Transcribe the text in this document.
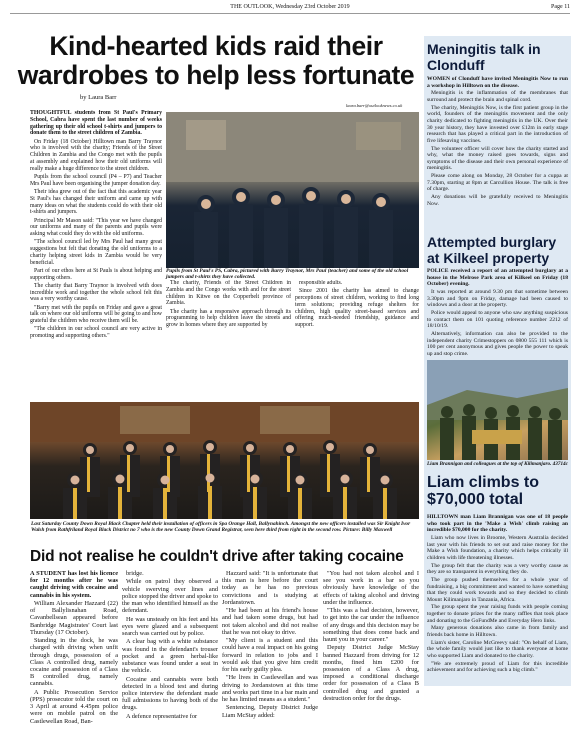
THE OUTLOOK, Wednesday 23rd October 2019	Page 11
Kind-hearted kids raid their wardrobes to help less fortunate
by Laura Barr
laura.barr@outlooknews.co.uk

THOUGHTFUL students from St Paul's Primary School, Cabra have spent the last number of weeks gathering up their old school t-shirts and jumpers to donate them to the street children of Zambia.

On Friday (18 October) Hilltown man Barry Traynor who is involved with the charity; Friends of the Street Children in Zambia and the Congo met with the pupils at assembly and explained how their old uniforms will really make a huge difference to the street children.

Pupils from the school council (P4 – P7) and Teacher Mrs Paul have been organising the jumper donation day.

Their idea grew out of the fact that this academic year St Paul's has changed their uniform and came up with many ideas on what the students could do with their old t-shirts and jumpers.

Principal Mr Mason said: "This year we have changed our uniforms and many of the parents and pupils were asking what could they do with the old uniforms.

"The school council led by Mrs Paul had many great suggestions but felt that donating the old uniforms to a charity helping street kids in Zambia would be very beneficial.

Part of our ethos here at St Pauls is about helping and supporting others.

The charity that Barry Traynor is involved with does incredible work and together the whole school felt this was a very worthy cause.

"Barry met with the pupils on Friday and gave a great talk on where our old uniforms will be going to and how grateful the children who receive them will be.

"The children in our school council are very active in promoting and supporting others."

Pupils from St Paul's PS, Cabra, pictured with Barry Traynor, Mrs Paul (teacher) and some of the old school jumpers and t-shirts they have collected.

The charity, Friends of the Street Children in Zambia and the Congo works with and for the street children in Kitwe on the Copperbelt province of Zambia.

The charity has a responsive approach through its programming to help children leave the streets and grow in homes where they are supported by

responsible adults.

Since 2001 the charity has aimed to change perceptions of street children, working to find long term solutions; providing refuge shelters for children, high quality street-based services and offering much-needed friendship, guidance and support.

Last Saturday County Down Royal Black Chapter held their installation of officers in Spa Orange Hall, Ballynahinch. Amongst the new officers installed was Sir Knight Ivor Walsh from Rathfriland Royal Black District no 7 who is the new County Down Grand Registrar, seen here third from right in the second row. Picture: Billy Maxwell
Did not realise he couldn't drive after taking cocaine

A STUDENT has lost his licence for 12 months after he was caught driving with cocaine and cannabis in his system.

William Alexander Hazzard (22) of Ballylisnahan Road, Cavanbellsean appeared before Banbridge Magistrates' Court last Thursday (17 October).

Standing in the dock, he was charged with driving when unfit through drugs, possession of a Class A controlled drug, namely cocaine and possession of a Class B controlled drug, namely cannabis.

A Public Prosecution Service (PPS) prosecutor told the court on 3 April at around 4.45pm police were on mobile patrol on the Castlewellan Road, Ban-

bridge.

While on patrol they observed a vehicle swerving over lines and police stopped the driver and spoke to the man who identified himself as the defendant.

He was unsteady on his feet and his eyes were glazed and a subsequent search was carried out by police.

A clear bag with a white substance was found in the defendant's trouser pocket and a green herbal-like substance was found under a seat in the vehicle.

Cocaine and cannabis were both detected in a blood test and during police interview the defendant made full admissions to having both of the drugs.

A defence representative for

Hazzard said: "It is unfortunate that this man is here before the court today as he has no previous convictions and is studying at Jordanstown.

"He had been at his friend's house and had taken some drugs, but had not taken alcohol and did not realise that he was not okay to drive.

"My client is a student and this could have a real impact on his going forward in relation to jobs and I would ask that you give him credit for his early guilty plea.

"He lives in Castlewellan and was driving to Jordanstown at this time and works part time in a bar main and he has limited means as a student."

Sentencing, Deputy District Judge Liam McStay added:

"You had not taken alcohol and I see you work in a bar so you obviously have knowledge of the effects of taking alcohol and driving under the influence.

"This was a bad decision, however, to get into the car under the influence of any drugs and this decision may be something that does come back and haunt you in your career."

Deputy District Judge McStay banned Hazzard from driving for 12 months, fined him £200 for possession of a Class A drug, imposed a conditional discharge order for possession of a Class B controlled drug and granted a destruction order for the drugs.

Meningitis talk in Clonduff

WOMEN of Clonduff have invited Meningitis Now to run a workshop in Hilltown on the disease.

Meningitis is the inflammation of the membranes that surround and protect the brain and spinal cord.

The charity, Meningitis Now, is the first patient group in the world, founders of the meningitis movement and the only charity dedicated to fighting meningitis in the UK. Over their 30 year history, they have invested over £12m in early stage research that has played a critical part in the introduction of five lifesaving vaccines.

The volunteer officer will cover how the charity started and why, what the money raised goes towards, signs and symptoms of the disease and their own personal experience of meningitis.

Please come along on Monday, 28 October for a cuppa at 7.30pm, starting at 8pm at Carcullion House. The talk is free of charge.

Any donations will be gratefully received to Meningitis Now.

Attempted burglary at Kilkeel property

POLICE received a report of an attempted burglary at a house in the Melrose Park area of Kilkeel on Friday (18 October) evening.

It was reported at around 9.30 pm that sometime between 3.30pm and 9pm on Friday, damage had been caused to windows and a door at the property.

Police would appeal to anyone who saw anything suspicious to contact them on 101 quoting reference number 2212 of 18/10/19.

Alternatively, information can also be provided to the independent charity Crimestoppers on 0800 555 111 which is 100 per cent anonymous and gives people the power to speak up and stop crime.

Liam Brannigan and colleagues at the top of Kilimanjaro. 43714c
Liam climbs to $70,000 total

HILLTOWN man Liam Brannigan was one of 18 people who took part in the 'Make a Wish' climb raising an incredible $70,000 for the charity.

Liam who now lives in Broome, Western Australia decided last year with his friends to set out and raise money for the Make a Wish foundation, a charity which helps critically ill children with life threatening illnesses.

The group felt that the charity was a very worthy cause as they are so transparent in everything they do.

The group pushed themselves for a whole year of fundraising, a big commitment and wanted to have something that they could work towards and so they decided to climb Mount Kilimanjaro in Tanzania, Africa.

The group spent the year raising funds with people coming together to donate prizes for the many raffles that took place and donating to the GoFundMe and Everyday Hero links.

Many generous donations also came in from family and friends back home in Hilltown.

Liam's sister, Caroline McGreevy said: "On behalf of Liam, the whole family would just like to thank everyone at home who supported Liam and donated to the charity.

"We are extremely proud of Liam for this incredible achievement and for achieving such a big climb."
